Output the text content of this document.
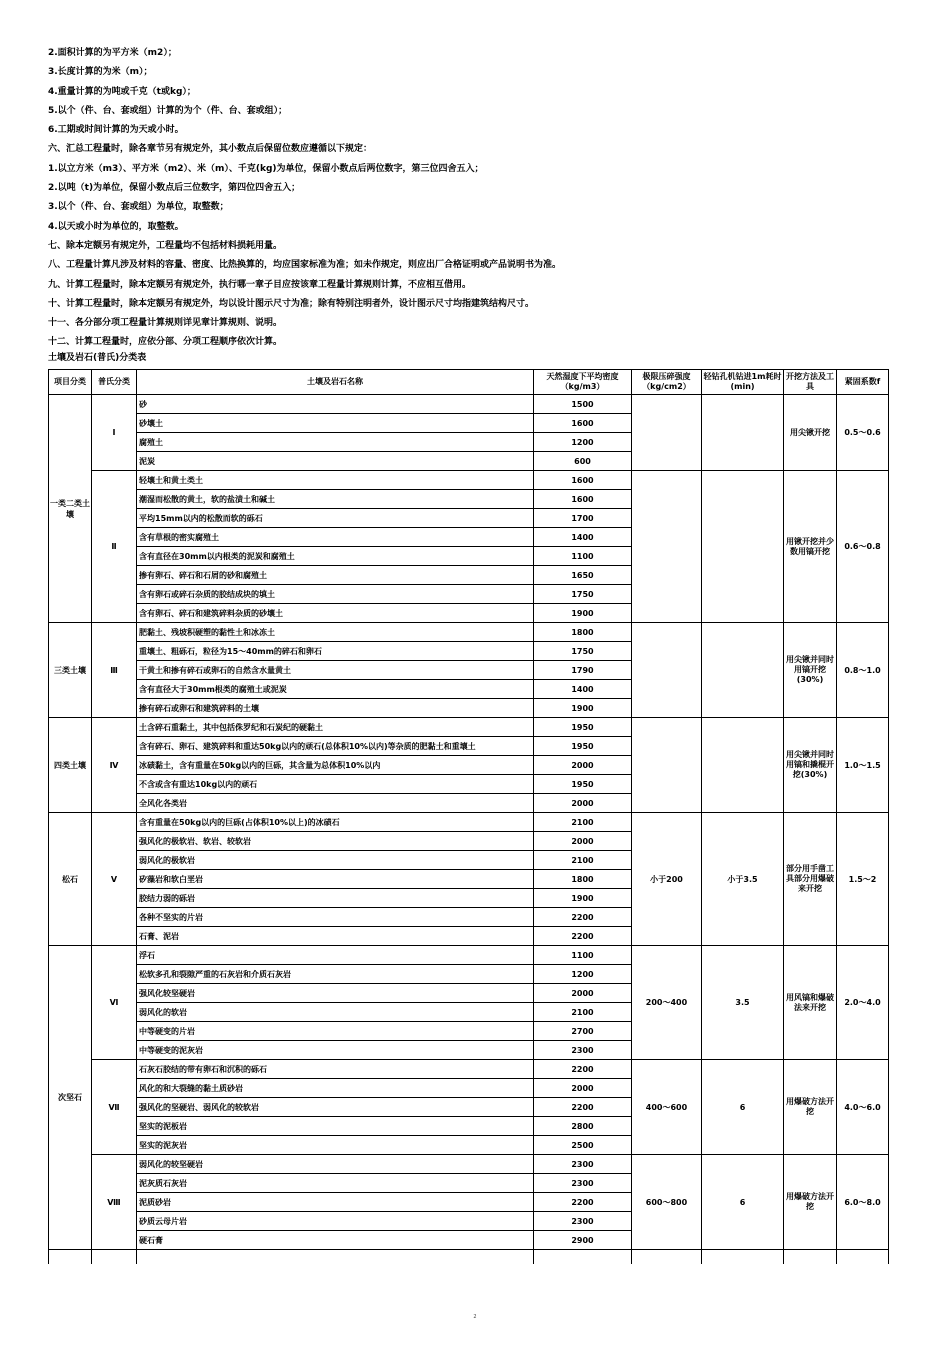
2.面积计算的为平方米（m2）；
3.长度计算的为米（m）；
4.重量计算的为吨或千克（t或kg）；
5.以个（件、台、套或组）计算的为个（件、台、套或组）；
6.工期或时间计算的为天或小时。
六、汇总工程量时，除各章节另有规定外，其小数点后保留位数应遵循以下规定：
1.以立方米（m3）、平方米（m2）、米（m）、千克(kg)为单位，保留小数点后两位数字，第三位四舍五入；
2.以吨（t)为单位，保留小数点后三位数字，第四位四舍五入；
3.以个（件、台、套或组）为单位，取整数；
4.以天或小时为单位的，取整数。
七、除本定额另有规定外，工程量均不包括材料损耗用量。
八、工程量计算凡涉及材料的容量、密度、比热换算的，均应国家标准为准；如未作规定，则应出厂合格证明或产品说明书为准。
九、计算工程量时，除本定额另有规定外，执行哪一章子目应按该章工程量计算规则计算，不应相互借用。
十、计算工程量时，除本定额另有规定外，均以设计图示尺寸为准；除有特别注明者外，设计图示尺寸均指建筑结构尺寸。
十一、各分部分项工程量计算规则详见章计算规则、说明。
十二、计算工程量时，应依分部、分项工程顺序依次计算。
土壤及岩石(普氏)分类表
项目分类	普氏分类	土壤及岩石名称	天然湿度下平均密度（kg/m3）	极限压碎强度（kg/cm2）	轻钻孔机钻进1m耗时(min)	开挖方法及工具	紧固系数f
一类二类土壤	Ⅰ	砂	1500			用尖锹开挖	0.5～0.6
		砂壤土	1600				
		腐殖土	1200				
		泥炭	600				
	Ⅱ	轻壤土和黄土类土	1600			用锹开挖并少数用镐开挖	0.6～0.8
		潮湿而松散的黄土，软的盐渍土和碱土	1600				
		平均15mm以内的松散而软的砾石	1700				
		含有草根的密实腐殖土	1400				
		含有直径在30mm以内根类的泥炭和腐殖土	1100				
		掺有卵石、碎石和石屑的砂和腐殖土	1650				
		含有卵石或碎石杂质的胶结成块的填土	1750				
		含有卵石、碎石和建筑碎料杂质的砂壤土	1900				
三类土壤	Ⅲ	肥黏土、残坡积硬塑的黏性土和冰冻土	1800			用尖锹并同时用镐开挖(30%)	0.8～1.0
		重壤土、粗砾石，粒径为15～40mm的碎石和卵石	1750				
		干黄土和掺有碎石或卵石的自然含水量黄土	1790				
		含有直径大于30mm根类的腐殖土或泥炭	1400				
		掺有碎石或卵石和建筑碎料的土壤	1900				
四类土壤	Ⅳ	土含碎石重黏土，其中包括侏罗纪和石炭纪的硬黏土	1950			用尖锹并同时用镐和撬棍开挖(30%)	1.0～1.5
		含有碎石、卵石、建筑碎料和重达50kg以内的顽石(总体积10%以内)等杂质的肥黏土和重壤土	1950				
		冰碛黏土，含有重量在50kg以内的巨砾，其含量为总体积10%以内	2000				
		不含或含有重达10kg以内的顽石	1950				
		全风化各类岩	2000				
松石	Ⅴ	含有重量在50kg以内的巨砾(占体积10%以上)的冰碛石	2100	小于200	小于3.5	部分用手凿工具部分用爆破来开挖	1.5～2
		强风化的极软岩、软岩、较软岩	2000				
		弱风化的极软岩	2100				
		矽藻岩和软白垩岩	1800				
		胶结力弱的砾岩	1900				
		各种不坚实的片岩	2200				
		石膏、泥岩	2200				
次坚石	Ⅵ	浮石	1100	200～400	3.5	用风镐和爆破法来开挖	2.0～4.0
		松软多孔和裂隙严重的石灰岩和介质石灰岩	1200				
		强风化较坚硬岩	2000				
		弱风化的软岩	2100				
		中等硬变的片岩	2700				
		中等硬变的泥灰岩	2300				
	Ⅶ	石灰石胶结的带有卵石和沉积的砾石	2200	400～600	6	用爆破方法开挖	4.0～6.0
		风化的和大裂缝的黏土质砂岩	2000				
		强风化的坚硬岩、弱风化的较软岩	2200				
		坚实的泥板岩	2800				
		坚实的泥灰岩	2500				
	Ⅷ	弱风化的较坚硬岩	2300	600～800	6	用爆破方法开挖	6.0～8.0
		泥灰质石灰岩	2300				
		泥质砂岩	2200				
		砂质云母片岩	2300				
		硬石膏	2900				

2
